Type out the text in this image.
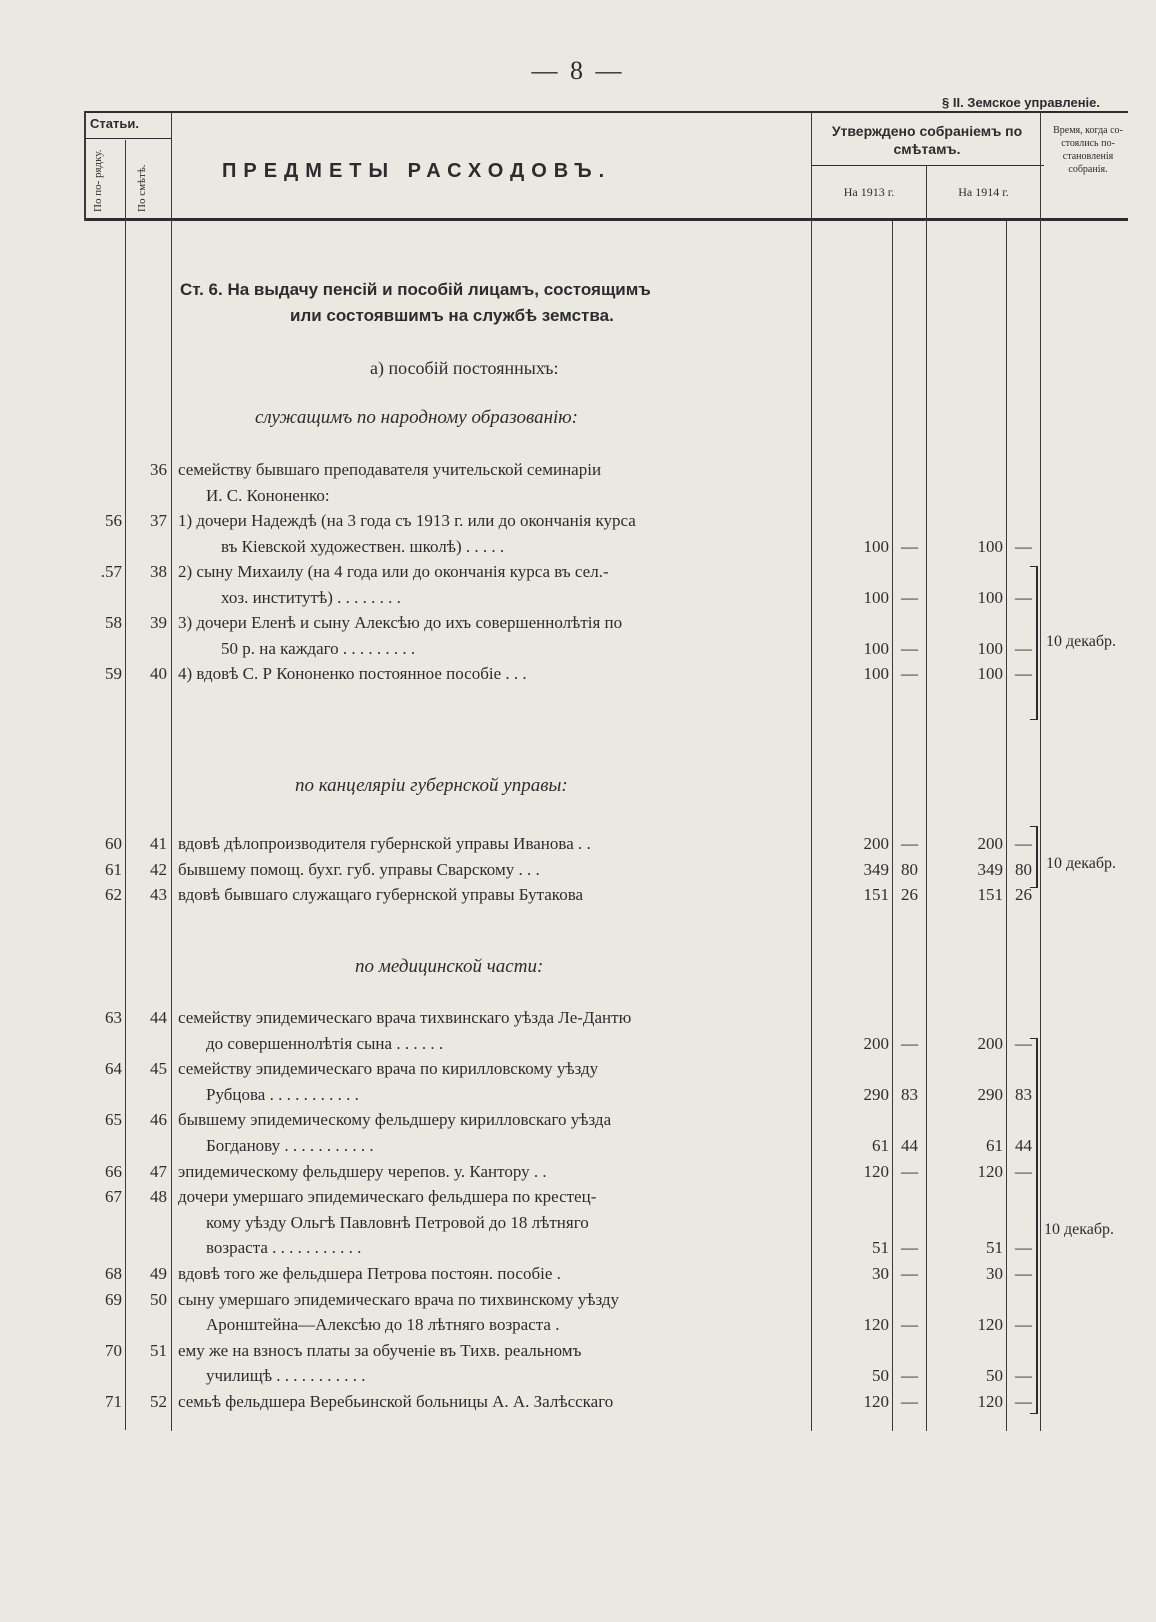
— 8 —
§ II. Земское управленіе.
Статьи.
По по- рядку.	По смѣтѣ.	ПРЕДМЕТЫ РАСХОДОВЪ.
Утверждено собраніемъ по смѣтамъ.
На 1913 г.	На 1914 г.
Время, когда со- стоялись по- становленія собранія.
Ст. 6. На выдачу пенсій и пособій лицамъ, состоящимъ
или состоявшимъ на службѣ земства.
а) пособій постоянныхъ:
служащимъ по народному образованію:
36 семейству бывшаго преподавателя учительской семинаріи
И. С. Кононенко:
56	37 1) дочери Надеждѣ (на 3 года съ 1913 г. или до окончанія курса
въ Кіевской художествен. школѣ) . . . . .	100 —	100 —
.57	38 2) сыну Михаилу (на 4 года или до окончанія курса въ сел.-
хоз. институтѣ) . . . . . . . .	100 —	100 —
58	39 3) дочери Еленѣ и сыну Алексѣю до ихъ совершеннолѣтія по
50 р. на каждаго . . . . . . . . .	100 —	100 —
59	40 4) вдовѣ С. Р Кононенко постоянное пособіе . . .	100 —	100 —
по канцеляріи губернской управы:
60	41 вдовѣ дѣлопроизводителя губернской управы Иванова . .	200 —	200 —
61	42 бывшему помощ. бухг. губ. управы Сварскому . . .	349 80	349 80
62	43 вдовѣ бывшаго служащаго губернской управы Бутакова	151 26	151 26
по медицинской части:
63	44 семейству эпидемическаго врача тихвинскаго уѣзда Ле-Дантю
до совершеннолѣтія сына . . . . . .	200 —	200 —
64	45 семейству эпидемическаго врача по кирилловскому уѣзду
Рубцова . . . . . . . . . . .	290 83	290 83
65	46 бывшему эпидемическому фельдшеру кирилловскаго уѣзда
Богданову . . . . . . . . . . .	61 44	61 44
66	47 эпидемическому фельдшеру черепов. у. Кантору . .	120 —	120 —
67	48 дочери умершаго эпидемическаго фельдшера по крестец-
кому уѣзду Ольгѣ Павловнѣ Петровой до 18 лѣтняго
возраста . . . . . . . . . . .	51 —	51 —
68	49 вдовѣ того же фельдшера Петрова постоян. пособіе .	30 —	30 —
69	50 сыну умершаго эпидемическаго врача по тихвинскому уѣзду
Аронштейна—Алексѣю до 18 лѣтняго возраста .	120 —	120 —
70	51 ему же на взносъ платы за обученіе въ Тихв. реальномъ
училищѣ . . . . . . . . . . .	50 —	50 —
71	52 семьѣ фельдшера Веребьинской больницы А. А. Залѣсскаго	120 —	120 —
10 декабр.
10 декабр.
10 декабр.
